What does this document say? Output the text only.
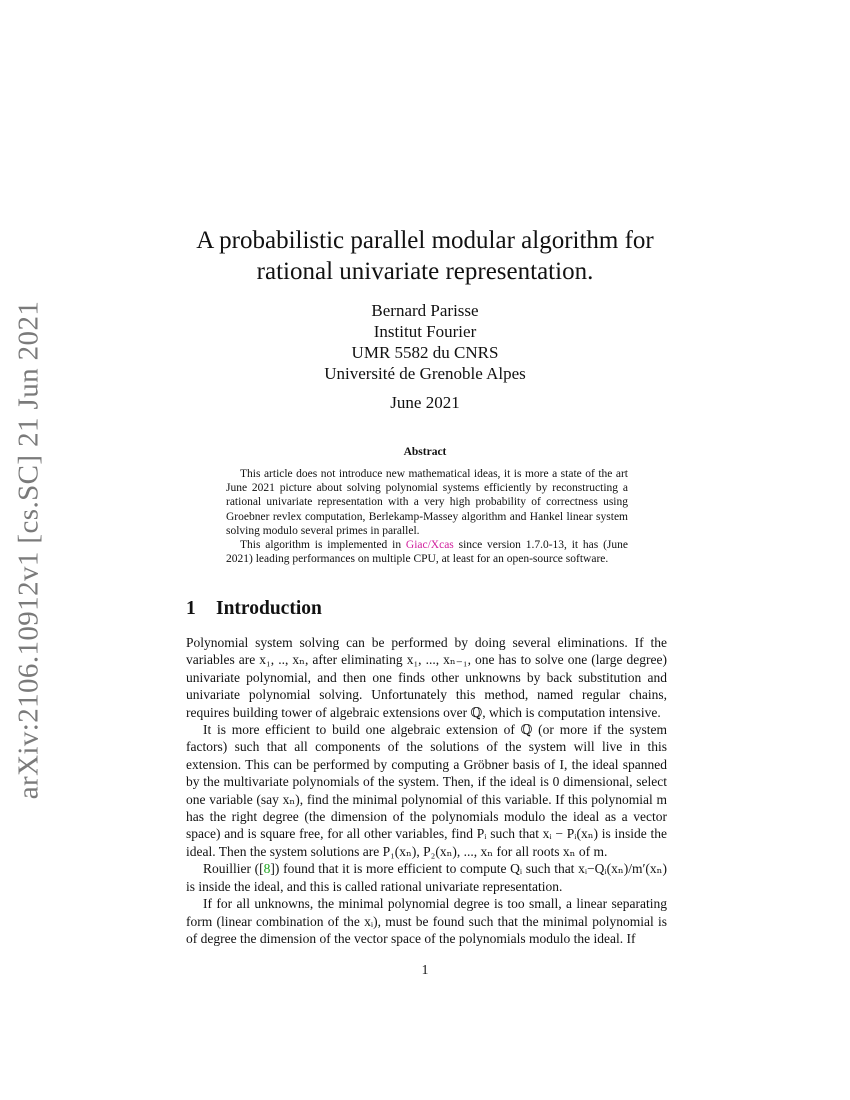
arXiv:2106.10912v1 [cs.SC] 21 Jun 2021
A probabilistic parallel modular algorithm for
rational univariate representation.
Bernard Parisse
Institut Fourier
UMR 5582 du CNRS
Université de Grenoble Alpes
June 2021
Abstract

This article does not introduce new mathematical ideas, it is more a state of the art June 2021 picture about solving polynomial systems efficiently by reconstructing a rational univariate representation with a very high probability of correctness using Groebner revlex computation, Berlekamp-Massey algorithm and Hankel linear system solving modulo several primes in parallel.

This algorithm is implemented in Giac/Xcas since version 1.7.0-13, it has (June 2021) leading performances on multiple CPU, at least for an open-source software.

1 Introduction

Polynomial system solving can be performed by doing several eliminations. If the variables are x₁, .., xₙ, after eliminating x₁, ..., xₙ₋₁, one has to solve one (large degree) univariate polynomial, and then one finds other unknowns by back substitution and univariate polynomial solving. Unfortunately this method, named regular chains, requires building tower of algebraic extensions over ℚ, which is computation intensive.

It is more efficient to build one algebraic extension of ℚ (or more if the system factors) such that all components of the solutions of the system will live in this extension. This can be performed by computing a Gröbner basis of I, the ideal spanned by the multivariate polynomials of the system. Then, if the ideal is 0 dimensional, select one variable (say xₙ), find the minimal polynomial of this variable. If this polynomial m has the right degree (the dimension of the polynomials modulo the ideal as a vector space) and is square free, for all other variables, find Pᵢ such that xᵢ − Pᵢ(xₙ) is inside the ideal. Then the system solutions are P₁(xₙ), P₂(xₙ), ..., xₙ for all roots xₙ of m.

Rouillier ([8]) found that it is more efficient to compute Qᵢ such that xᵢ−Qᵢ(xₙ)/m′(xₙ) is inside the ideal, and this is called rational univariate representation.

If for all unknowns, the minimal polynomial degree is too small, a linear separating form (linear combination of the xᵢ), must be found such that the minimal polynomial is of degree the dimension of the vector space of the polynomials modulo the ideal. If

1
